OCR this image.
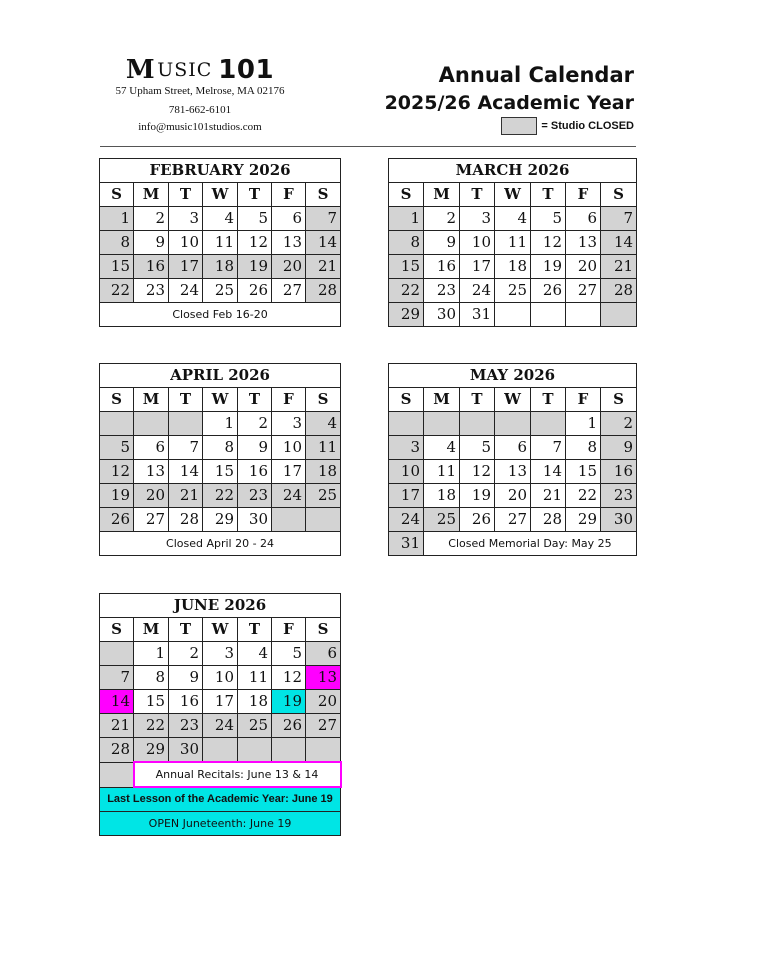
M USIC 101
57 Upham Street, Melrose, MA 02176
781-662-6101
info@music101studios.com
Annual Calendar
2025/26 Academic Year
= Studio CLOSED
FEBRUARY 2026						
S	M	T	W	T	F	S
1	2	3	4	5	6	7
8	9	10	11	12	13	14
15	16	17	18	19	20	21
22	23	24	25	26	27	28
Closed Feb 16-20						
MARCH 2026						
S	M	T	W	T	F	S
1	2	3	4	5	6	7
8	9	10	11	12	13	14
15	16	17	18	19	20	21
22	23	24	25	26	27	28
29	30	31				
APRIL 2026						
S	M	T	W	T	F	S
			1	2	3	4
5	6	7	8	9	10	11
12	13	14	15	16	17	18
19	20	21	22	23	24	25
26	27	28	29	30		
Closed April 20 - 24						
MAY 2026						
S	M	T	W	T	F	S
					1	2
3	4	5	6	7	8	9
10	11	12	13	14	15	16
17	18	19	20	21	22	23
24	25	26	27	28	29	30
31	Closed Memorial Day: May 25					
JUNE 2026						
S	M	T	W	T	F	S
	1	2	3	4	5	6
7	8	9	10	11	12	13
14	15	16	17	18	19	20
21	22	23	24	25	26	27
28	29	30				
	Annual Recitals: June 13 & 14					
Last Lesson of the Academic Year: June 19						
OPEN Juneteenth: June 19						
